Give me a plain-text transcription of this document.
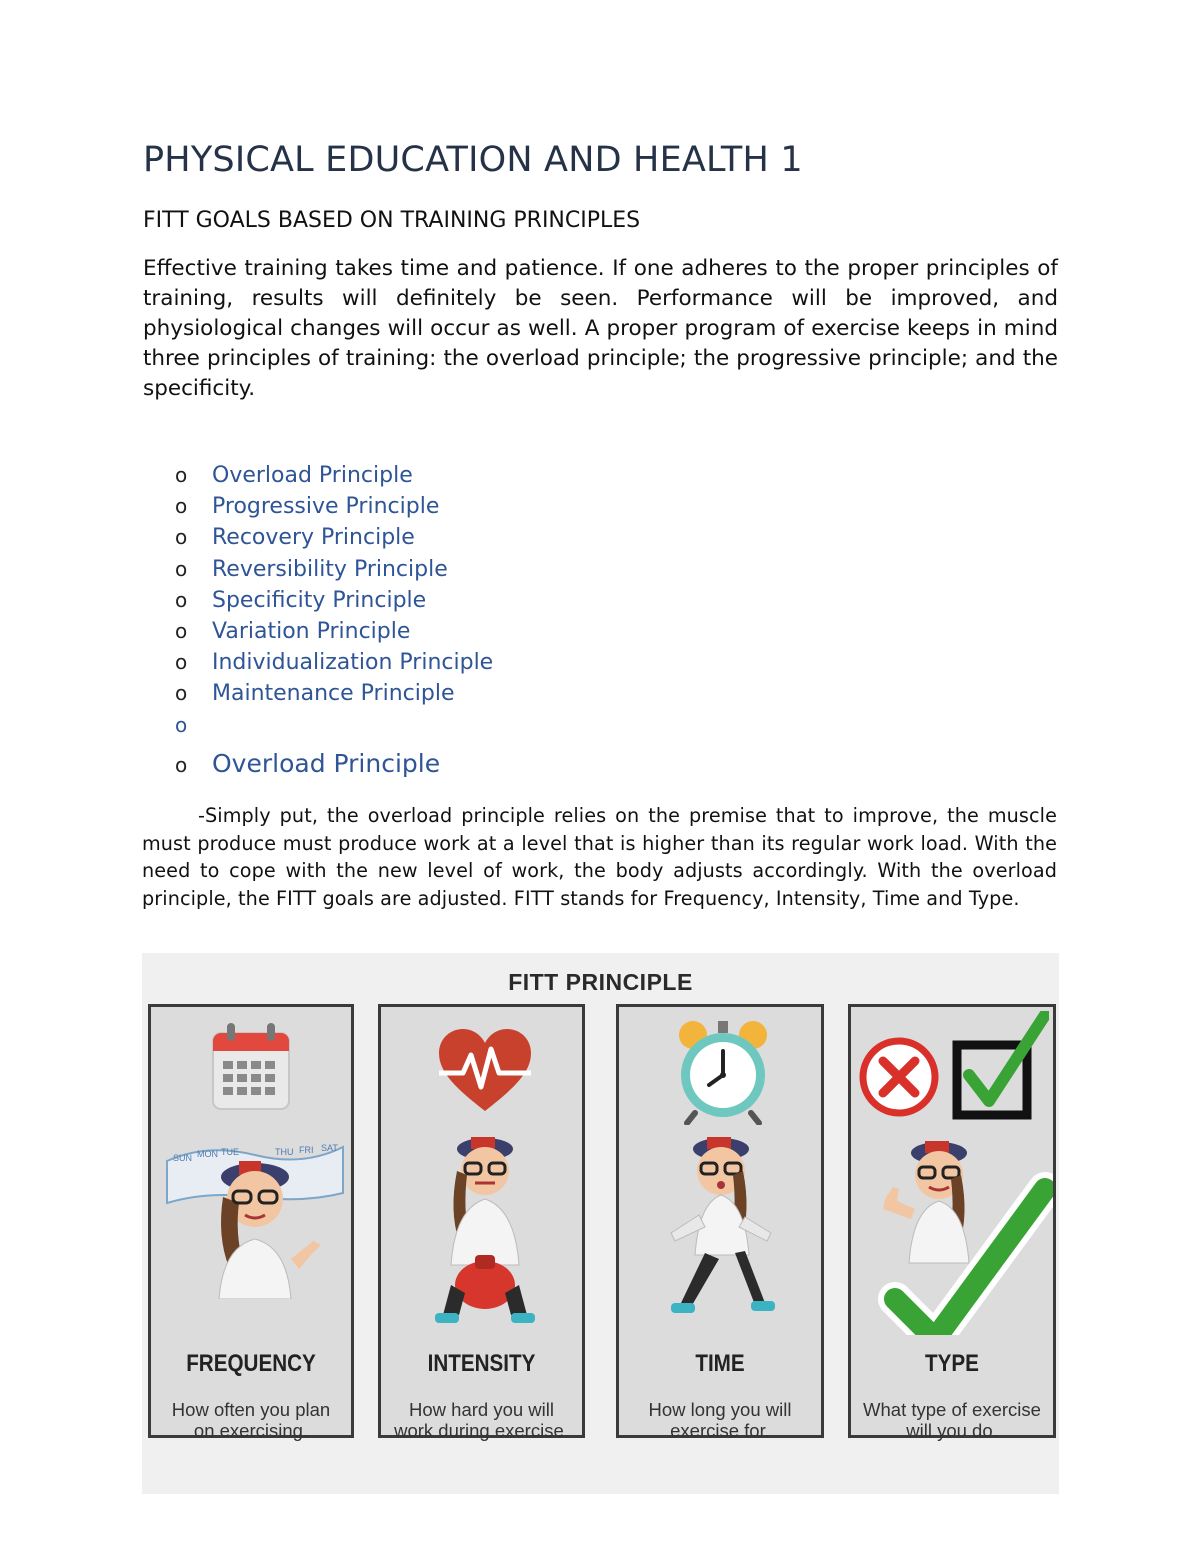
PHYSICAL EDUCATION AND HEALTH 1
FITT GOALS BASED ON TRAINING PRINCIPLES

Effective training takes time and patience. If one adheres to the proper principles of training, results will definitely be seen. Performance will be improved, and physiological changes will occur as well. A proper program of exercise keeps in mind three principles of training: the overload principle; the progressive principle; and the specificity.

o Overload Principle
o Progressive Principle
o Recovery Principle
o Reversibility Principle
o Specificity Principle
o Variation Principle
o Individualization Principle
o Maintenance Principle
o
o Overload Principle

-Simply put, the overload principle relies on the premise that to improve, the muscle must produce must produce work at a level that is higher than its regular work load. With the need to cope with the new level of work, the body adjusts accordingly. With the overload principle, the FITT goals are adjusted. FITT stands for Frequency, Intensity, Time and Type.

FITT PRINCIPLE
SUN MON TUE	THU FRI SAT
FREQUENCY
How often you plan on exercising.
INTENSITY
How hard you will work during exercise.
TIME
How long you will exercise for.
TYPE
What type of exercise will you do.
